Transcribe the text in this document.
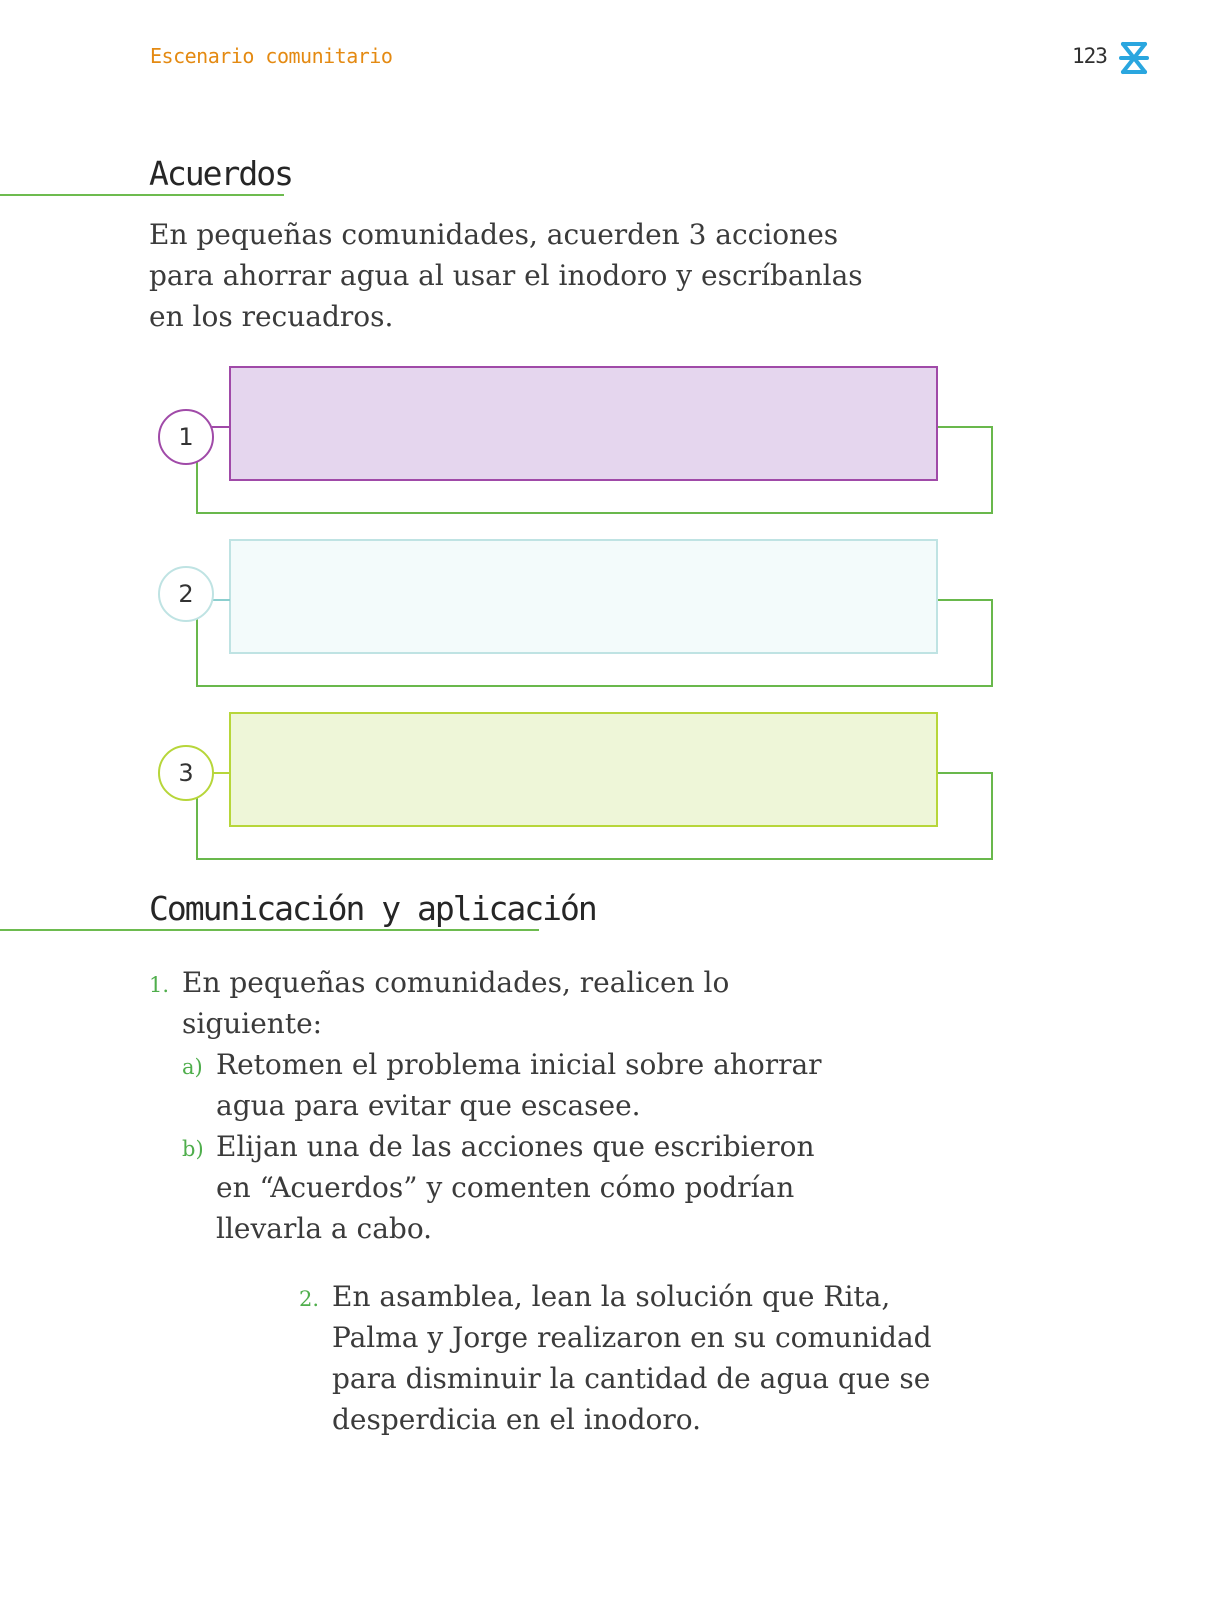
Escenario comunitario	123
Acuerdos
En pequeñas comunidades, acuerden 3 acciones
para ahorrar agua al usar el inodoro y escríbanlas
en los recuadros.
1
2
3
Comunicación y aplicación
1. En pequeñas comunidades, realicen lo
siguiente:
a) Retomen el problema inicial sobre ahorrar
agua para evitar que escasee.
b) Elijan una de las acciones que escribieron
en “Acuerdos” y comenten cómo podrían
llevarla a cabo.
2. En asamblea, lean la solución que Rita,
Palma y Jorge realizaron en su comunidad
para disminuir la cantidad de agua que se
desperdicia en el inodoro.
